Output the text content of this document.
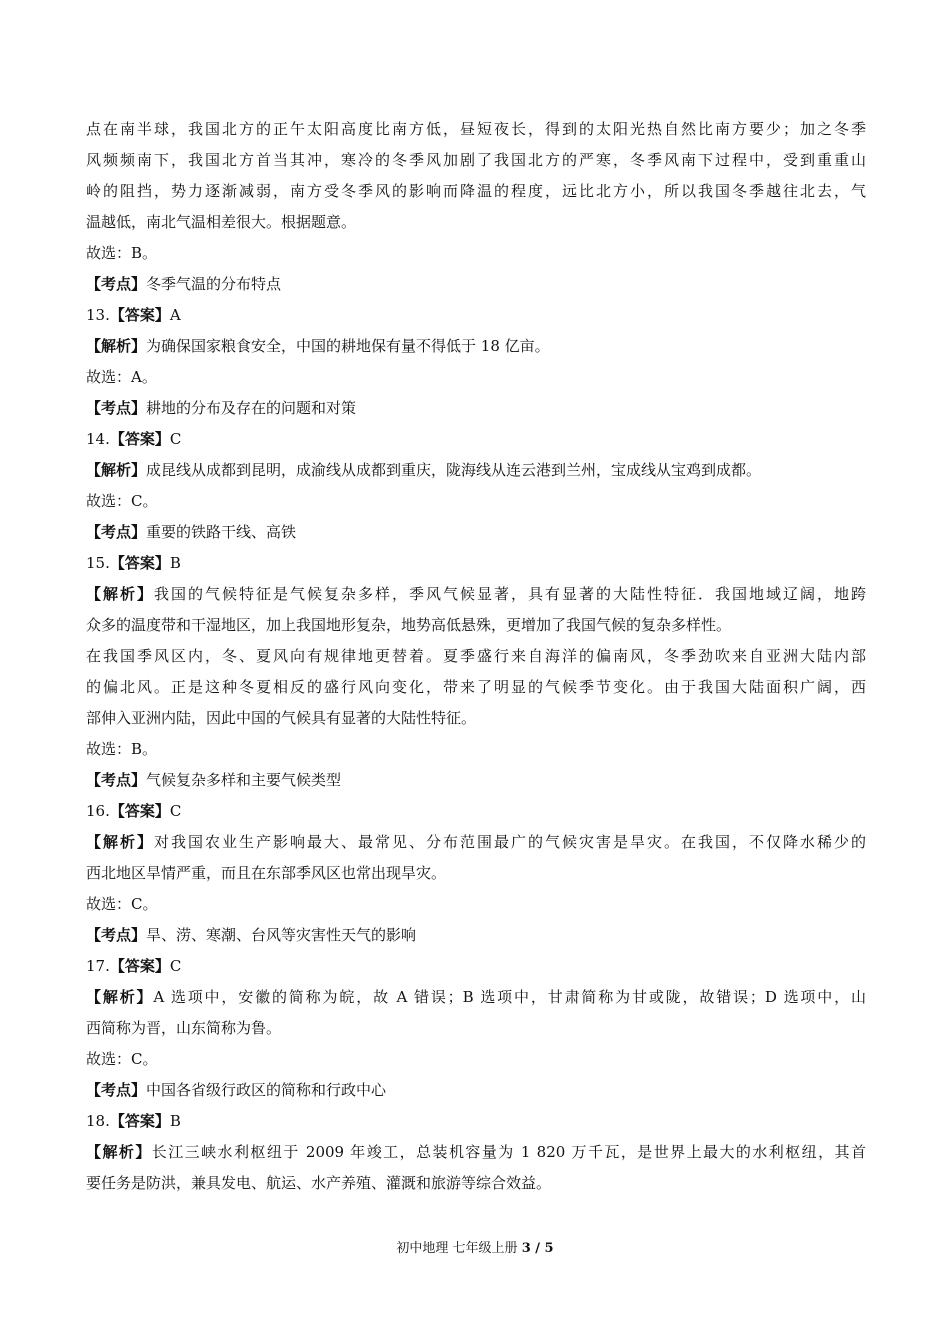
点在南半球，我国北方的正午太阳高度比南方低，昼短夜长，得到的太阳光热自然比南方要少；加之冬季
风频频南下，我国北方首当其冲，寒冷的冬季风加剧了我国北方的严寒，冬季风南下过程中，受到重重山
岭的阻挡，势力逐渐减弱，南方受冬季风的影响而降温的程度，远比北方小，所以我国冬季越往北去，气
温越低，南北气温相差很大。根据题意。
故选：B。
【考点】冬季气温的分布特点
13.【答案】A
【解析】为确保国家粮食安全，中国的耕地保有量不得低于 18 亿亩。
故选：A。
【考点】耕地的分布及存在的问题和对策
14.【答案】C
【解析】成昆线从成都到昆明，成渝线从成都到重庆，陇海线从连云港到兰州，宝成线从宝鸡到成都。
故选：C。
【考点】重要的铁路干线、高铁
15.【答案】B
【解析】我国的气候特征是气候复杂多样，季风气候显著，具有显著的大陆性特征．我国地域辽阔，地跨
众多的温度带和干湿地区，加上我国地形复杂，地势高低悬殊，更增加了我国气候的复杂多样性。
在我国季风区内，冬、夏风向有规律地更替着。夏季盛行来自海洋的偏南风，冬季劲吹来自亚洲大陆内部
的偏北风。正是这种冬夏相反的盛行风向变化，带来了明显的气候季节变化。由于我国大陆面积广阔，西
部伸入亚洲内陆，因此中国的气候具有显著的大陆性特征。
故选：B。
【考点】气候复杂多样和主要气候类型
16.【答案】C
【解析】对我国农业生产影响最大、最常见、分布范围最广的气候灾害是旱灾。在我国，不仅降水稀少的
西北地区旱情严重，而且在东部季风区也常出现旱灾。
故选：C。
【考点】旱、涝、寒潮、台风等灾害性天气的影响
17.【答案】C
【解析】A 选项中，安徽的简称为皖，故 A 错误；B 选项中，甘肃简称为甘或陇，故错误；D 选项中，山
西简称为晋，山东简称为鲁。
故选：C。
【考点】中国各省级行政区的简称和行政中心
18.【答案】B
【解析】长江三峡水利枢纽于 2009 年竣工，总装机容量为 1 820 万千瓦，是世界上最大的水利枢纽，其首
要任务是防洪，兼具发电、航运、水产养殖、灌溉和旅游等综合效益。
初中地理 七年级上册 3 / 5
